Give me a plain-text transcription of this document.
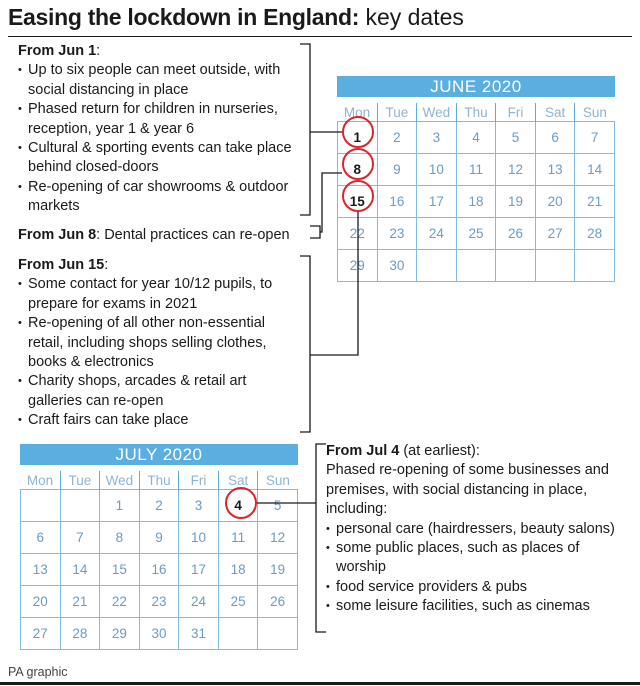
Easing the lockdown in England: key dates
From Jun 1:
• Up to six people can meet outside, with social distancing in place
• Phased return for children in nurseries, reception, year 1 & year 6
• Cultural & sporting events can take place behind closed-doors
• Re-opening of car showrooms & outdoor markets
From Jun 8: Dental practices can re-open
From Jun 15:
• Some contact for year 10/12 pupils, to prepare for exams in 2021
• Re-opening of all other non-essential retail, including shops selling clothes, books & electronics
• Charity shops, arcades & retail art galleries can re-open
• Craft fairs can take place
From Jul 4 (at earliest):
Phased re-opening of some businesses and premises, with social distancing in place, including:
• personal care (hairdressers, beauty salons)
• some public places, such as places of worship
• food service providers & pubs
• some leisure facilities, such as cinemas
JUNE 2020
Mon	Tue	Wed	Thu	Fri	Sat	Sun
1	2	3	4	5	6	7
8	9	10	11	12	13	14
15	16	17	18	19	20	21
22	23	24	25	26	27	28
29	30					
JULY 2020
Mon	Tue	Wed	Thu	Fri	Sat	Sun
		1	2	3	4	5
6	7	8	9	10	11	12
13	14	15	16	17	18	19
20	21	22	23	24	25	26
27	28	29	30	31		
PA graphic
